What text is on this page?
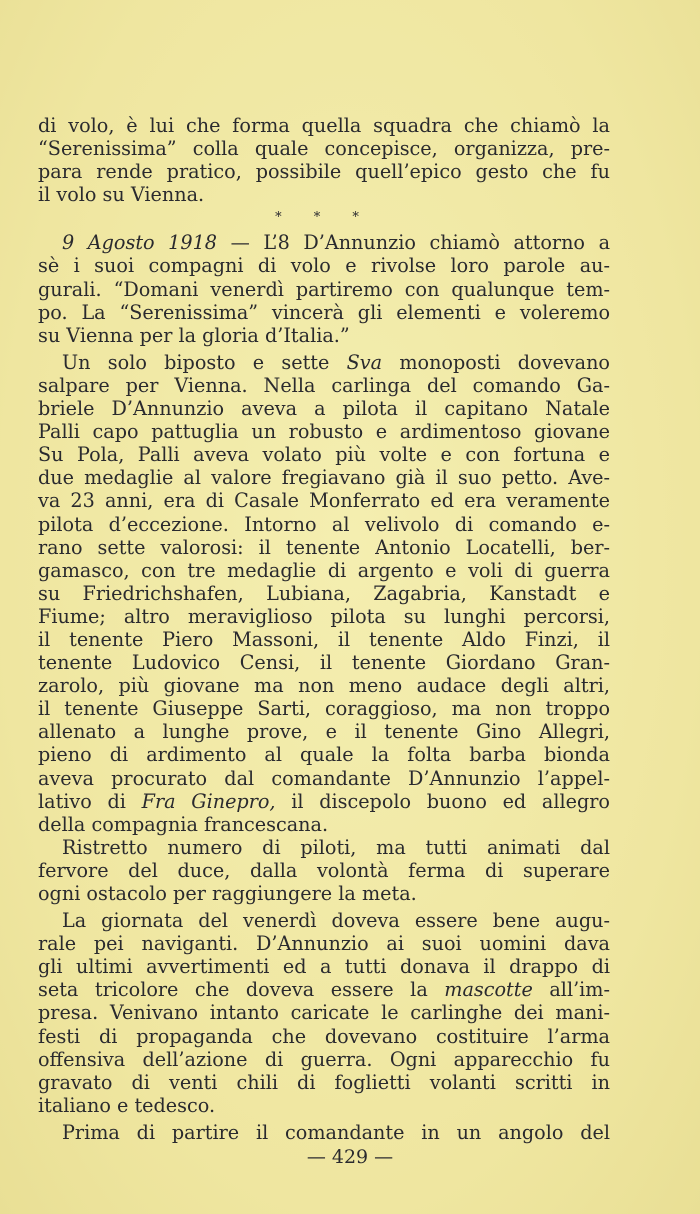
di volo, è lui che forma quella squadra che chiamò la
“Serenissima” colla quale concepisce, organizza, pre-
para rende pratico, possibile quell’epico gesto che fu
il volo su Vienna.

* * *

9 Agosto 1918 — L’8 D’Annunzio chiamò attorno a
sè i suoi compagni di volo e rivolse loro parole au-
gurali. “Domani venerdì partiremo con qualunque tem-
po. La “Serenissima” vincerà gli elementi e voleremo
su Vienna per la gloria d’Italia.”

Un solo biposto e sette Sva monoposti dovevano
salpare per Vienna. Nella carlinga del comando Ga-
briele D’Annunzio aveva a pilota il capitano Natale
Palli capo pattuglia un robusto e ardimentoso giovane
Su Pola, Palli aveva volato più volte e con fortuna e
due medaglie al valore fregiavano già il suo petto. Ave-
va 23 anni, era di Casale Monferrato ed era veramente
pilota d’eccezione. Intorno al velivolo di comando e-
rano sette valorosi: il tenente Antonio Locatelli, ber-
gamasco, con tre medaglie di argento e voli di guerra
su Friedrichshafen, Lubiana, Zagabria, Kanstadt e
Fiume; altro meraviglioso pilota su lunghi percorsi,
il tenente Piero Massoni, il tenente Aldo Finzi, il
tenente Ludovico Censi, il tenente Giordano Gran-
zarolo, più giovane ma non meno audace degli altri,
il tenente Giuseppe Sarti, coraggioso, ma non troppo
allenato a lunghe prove, e il tenente Gino Allegri,
pieno di ardimento al quale la folta barba bionda
aveva procurato dal comandante D’Annunzio l’appel-
lativo di Fra Ginepro, il discepolo buono ed allegro
della compagnia francescana.

Ristretto numero di piloti, ma tutti animati dal
fervore del duce, dalla volontà ferma di superare
ogni ostacolo per raggiungere la meta.

La giornata del venerdì doveva essere bene augu-
rale pei naviganti. D’Annunzio ai suoi uomini dava
gli ultimi avvertimenti ed a tutti donava il drappo di
seta tricolore che doveva essere la mascotte all’im-
presa. Venivano intanto caricate le carlinghe dei mani-
festi di propaganda che dovevano costituire l’arma
offensiva dell’azione di guerra. Ogni apparecchio fu
gravato di venti chili di foglietti volanti scritti in
italiano e tedesco.

Prima di partire il comandante in un angolo del

— 429 —
